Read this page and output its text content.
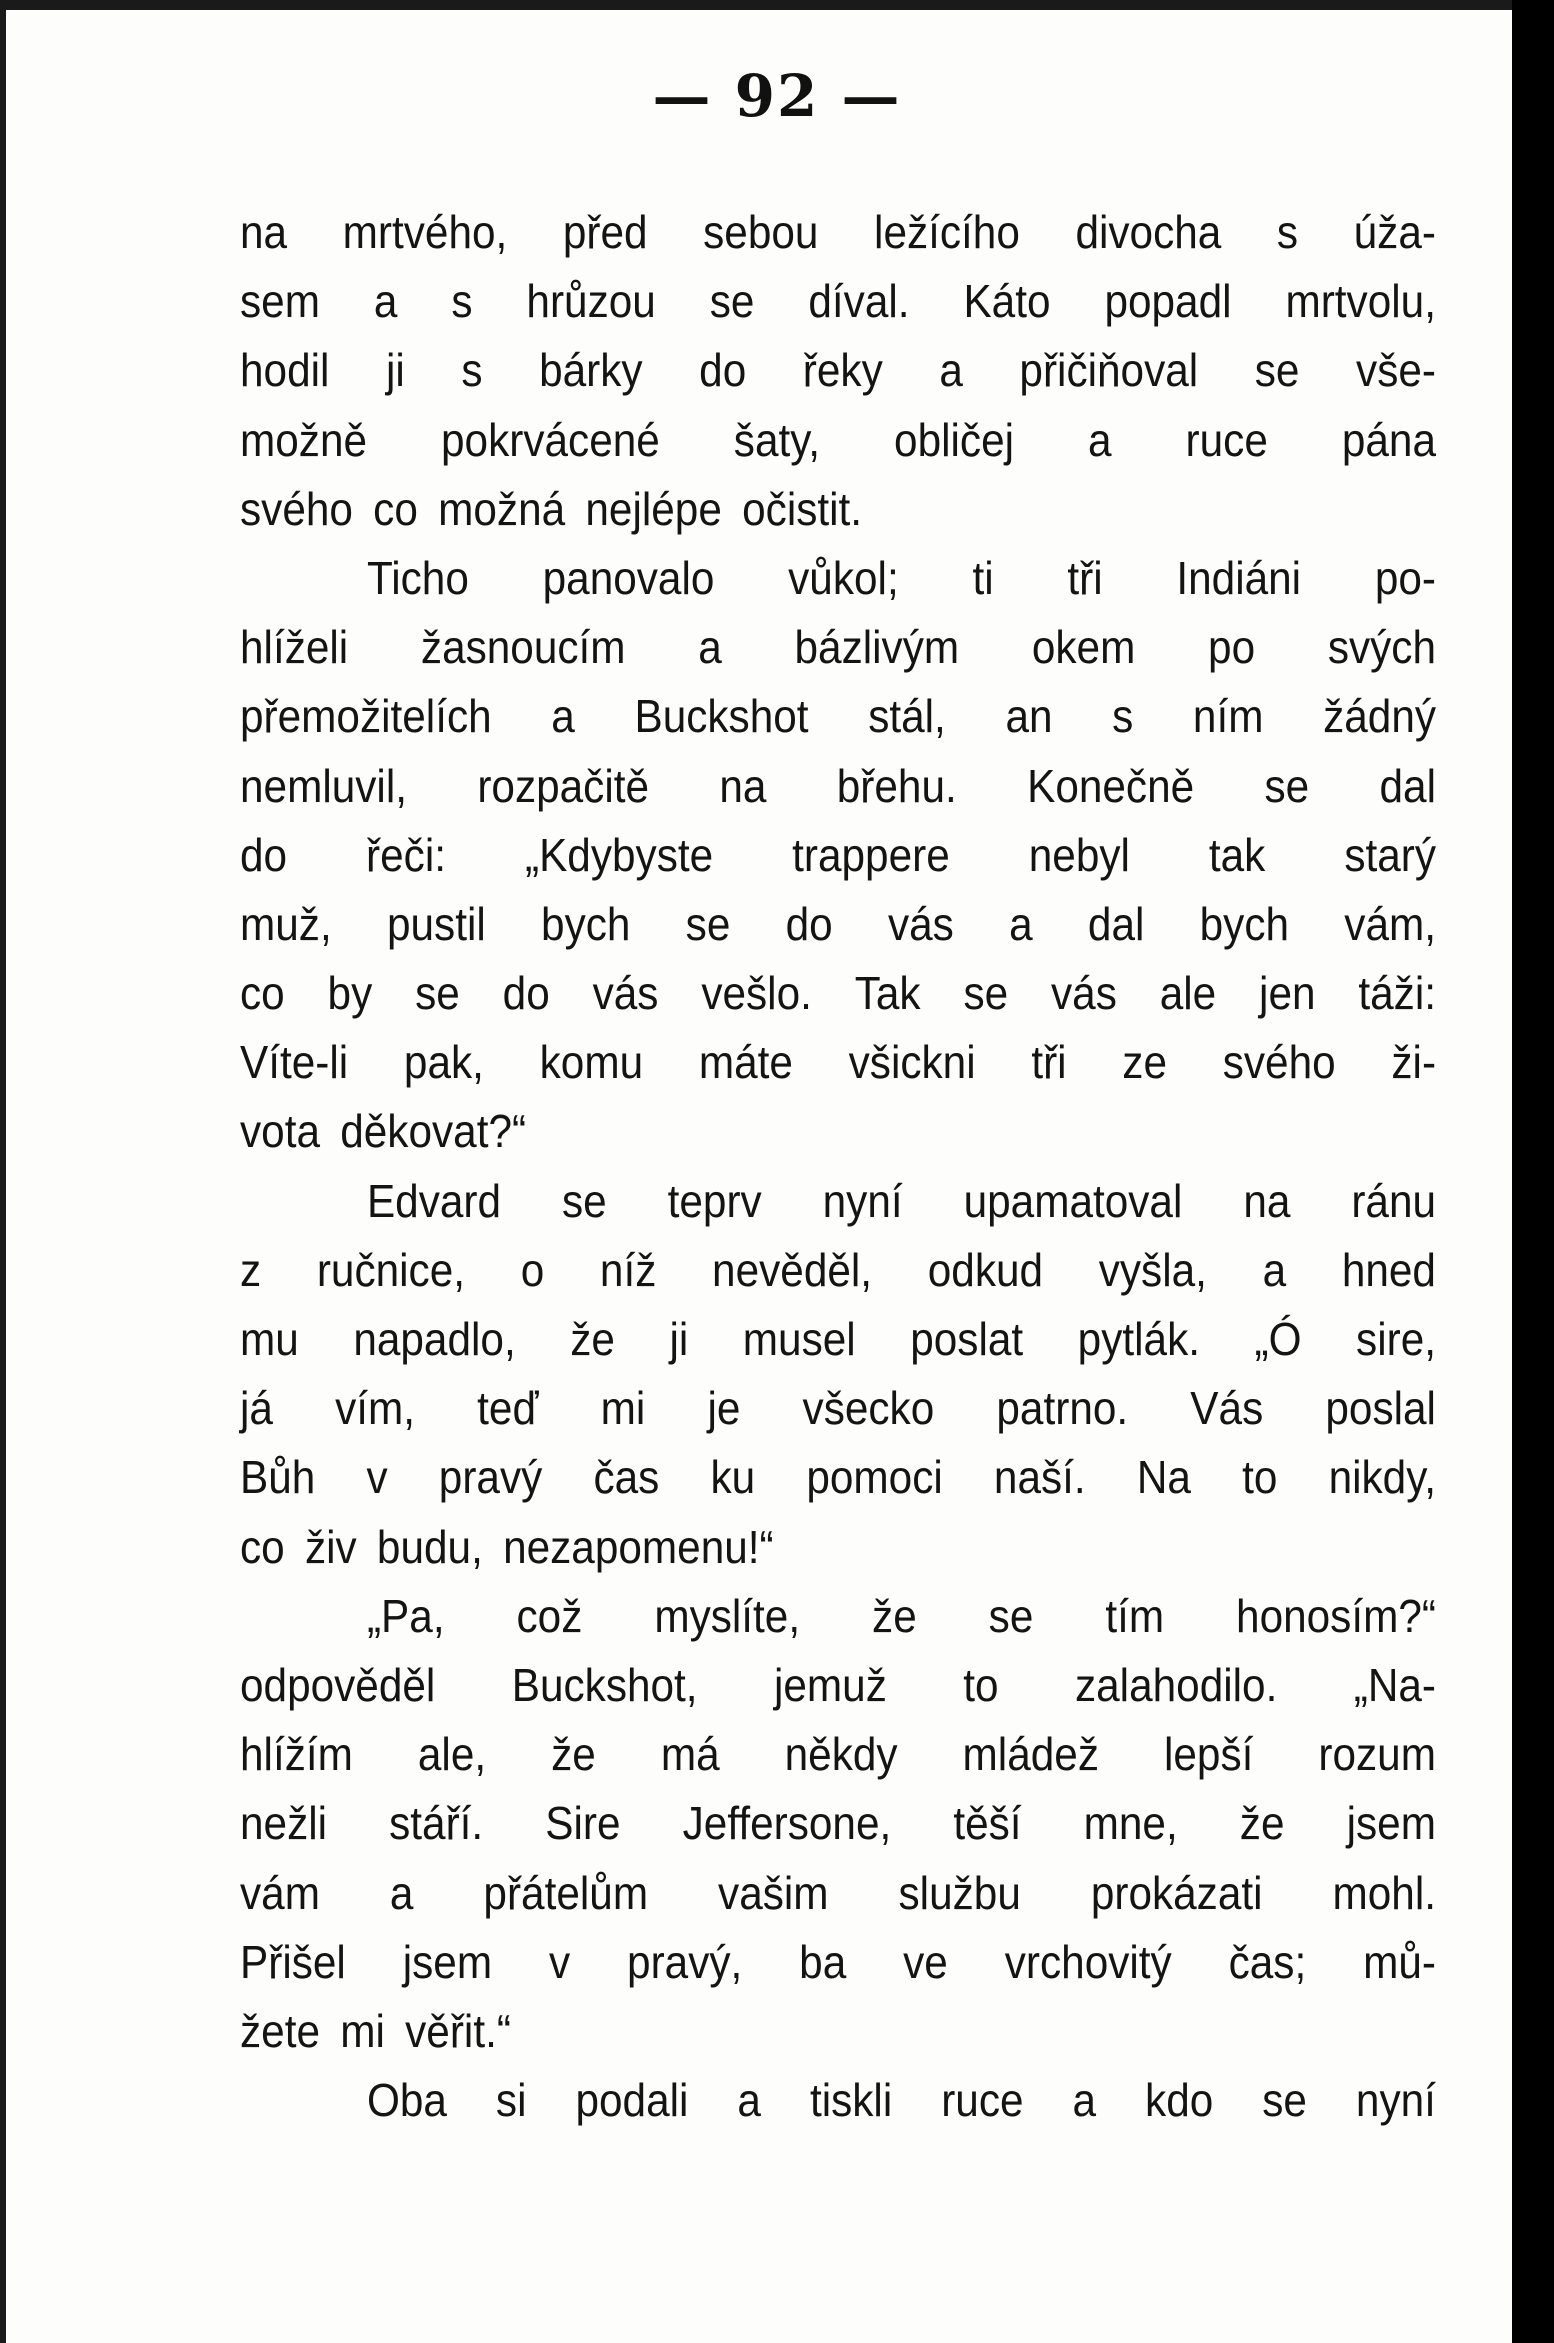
— 92 —
na mrtvého, před sebou ležícího divocha s úža-
sem a s hrůzou se díval. Káto popadl mrtvolu,
hodil ji s bárky do řeky a přičiňoval se vše-
možně pokrvácené šaty, obličej a ruce pána
svého co možná nejlépe očistit.
Ticho panovalo vůkol; ti tři Indiáni po-
hlíželi žasnoucím a bázlivým okem po svých
přemožitelích a Buckshot stál, an s ním žádný
nemluvil, rozpačitě na břehu. Konečně se dal
do řeči: „Kdybyste trappere nebyl tak starý
muž, pustil bych se do vás a dal bych vám,
co by se do vás vešlo. Tak se vás ale jen táži:
Víte-li pak, komu máte všickni tři ze svého ži-
vota děkovat?“
Edvard se teprv nyní upamatoval na ránu
z ručnice, o níž nevěděl, odkud vyšla, a hned
mu napadlo, že ji musel poslat pytlák. „Ó sire,
já vím, teď mi je všecko patrno. Vás poslal
Bůh v pravý čas ku pomoci naší. Na to nikdy,
co živ budu, nezapomenu!“
„Pa, což myslíte, že se tím honosím?“
odpověděl Buckshot, jemuž to zalahodilo. „Na-
hlížím ale, že má někdy mládež lepší rozum
nežli stáří. Sire Jeffersone, těší mne, že jsem
vám a přátelům vašim službu prokázati mohl.
Přišel jsem v pravý, ba ve vrchovitý čas; mů-
žete mi věřit.“
Oba si podali a tiskli ruce a kdo se nyní
